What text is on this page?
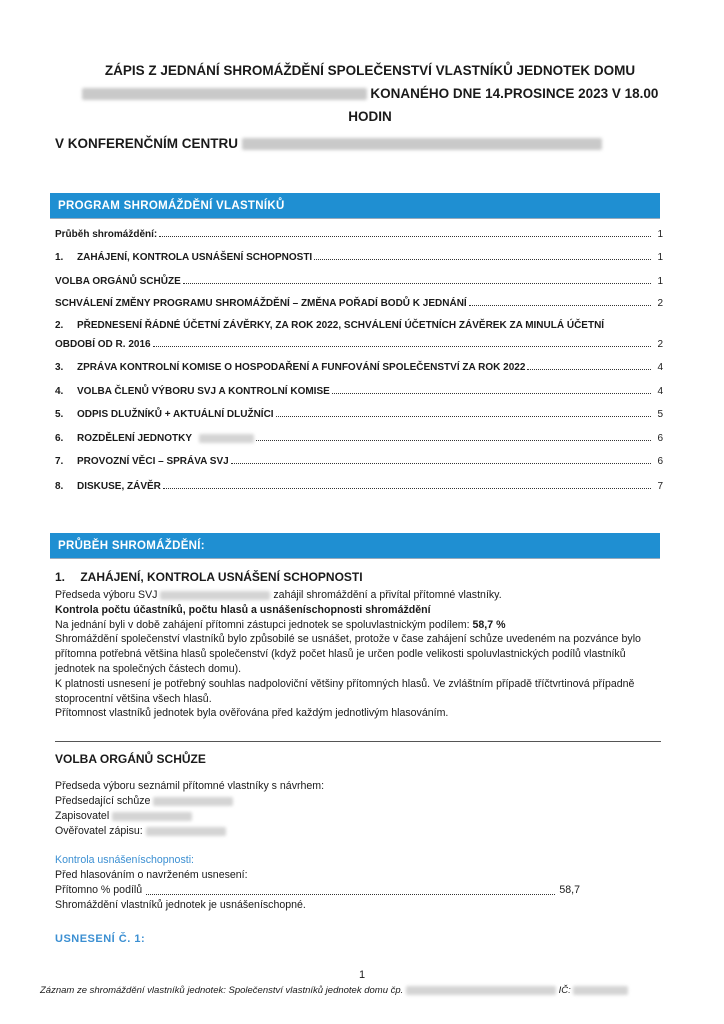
ZÁPIS Z JEDNÁNÍ SHROMÁŽDĚNÍ SPOLEČENSTVÍ VLASTNÍKŮ JEDNOTEK DOMU
KONANÉHO DNE 14.PROSINCE 2023 V 18.00
HODIN
V KONFERENČNÍM CENTRU
PROGRAM SHROMÁŽDĚNÍ VLASTNÍKŮ
Průběh shromáždění:	1
1. ZAHÁJENÍ, KONTROLA USNÁŠENÍ SCHOPNOSTI	1
VOLBA ORGÁNŮ SCHŮZE	1
SCHVÁLENÍ ZMĚNY PROGRAMU SHROMÁŽDĚNÍ – ZMĚNA POŘADÍ BODŮ K JEDNÁNÍ	2
2. PŘEDNESENÍ ŘÁDNÉ ÚČETNÍ ZÁVĚRKY, ZA ROK 2022, SCHVÁLENÍ ÚČETNÍCH ZÁVĚREK ZA MINULÁ ÚČETNÍ
OBDOBÍ OD R. 2016	2
3. ZPRÁVA KONTROLNÍ KOMISE O HOSPODAŘENÍ A FUNFOVÁNÍ SPOLEČENSTVÍ ZA ROK 2022	4
4. VOLBA ČLENŮ VÝBORU SVJ A KONTROLNÍ KOMISE	4
5. ODPIS DLUŽNÍKŮ + AKTUÁLNÍ DLUŽNÍCI	5
6. ROZDĚLENÍ JEDNOTKY	6
7. PROVOZNÍ VĚCI – SPRÁVA SVJ	6
8. DISKUSE, ZÁVĚR	7
PRŮBĚH SHROMÁŽDĚNÍ:
1. ZAHÁJENÍ, KONTROLA USNÁŠENÍ SCHOPNOSTI

Předseda výboru SVJ	zahájil shromáždění a přivítal přítomné vlastníky.

Kontrola počtu účastníků, počtu hlasů a usnášeníschopnosti shromáždění

Na jednání byli v době zahájení přítomni zástupci jednotek se spoluvlastnickým podílem: 58,7 %

Shromáždění společenství vlastníků bylo způsobilé se usnášet, protože v čase zahájení schůze uvedeném na pozvánce bylo přítomna potřebná většina hlasů společenství (když počet hlasů je určen podle velikosti spoluvlastnických podílů vlastníků jednotek na společných částech domu).

K platnosti usnesení je potřebný souhlas nadpoloviční většiny přítomných hlasů. Ve zvláštním případě tříčtvrtinová případně stoprocentní většina všech hlasů.

Přítomnost vlastníků jednotek byla ověřována před každým jednotlivým hlasováním.

VOLBA ORGÁNŮ SCHŮZE
Předseda výboru seznámil přítomné vlastníky s návrhem:
Předsedající schůze
Zapisovatel
Ověřovatel zápisu:
Kontrola usnášeníschopnosti:
Před hlasováním o navrženém usnesení:
Přítomno % podílů	58,7
Shromáždění vlastníků jednotek je usnášeníschopné.
USNESENÍ Č. 1:
1
Záznam ze shromáždění vlastníků jednotek: Společenství vlastníků jednotek domu čp.	IČ:
